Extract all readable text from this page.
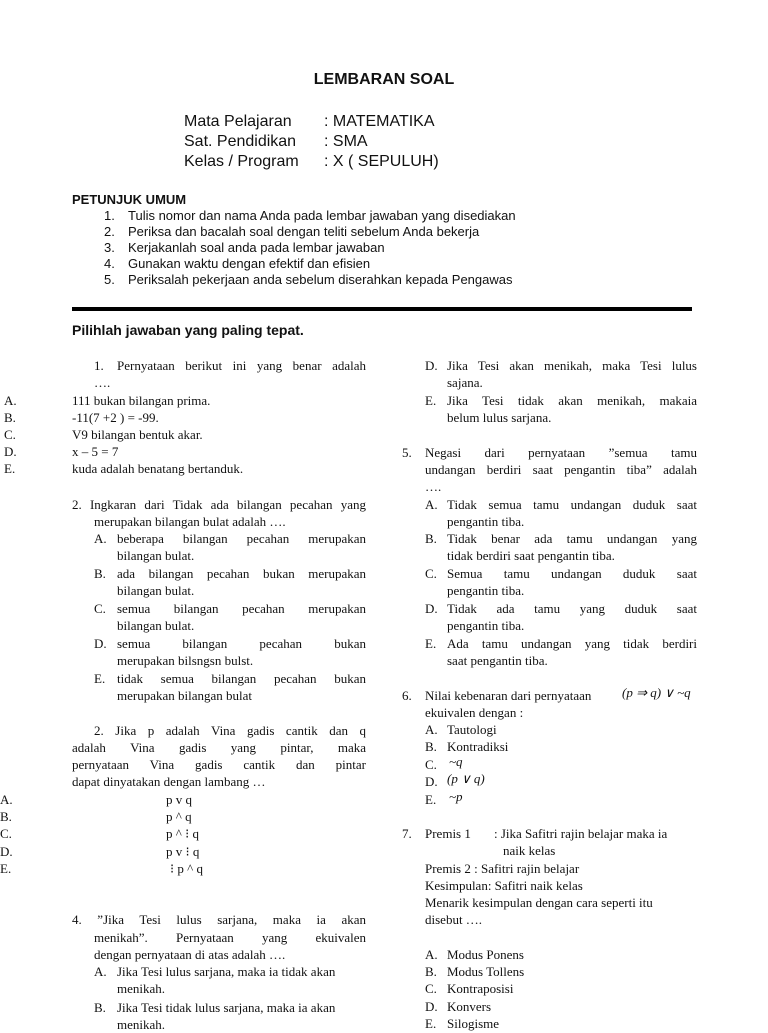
LEMBARAN SOAL
Mata Pelajaran	: MATEMATIKA
Sat. Pendidikan	: SMA
Kelas / Program	: X ( SEPULUH)
PETUNJUK UMUM
1.	Tulis nomor dan nama Anda pada lembar jawaban yang disediakan
2.	Periksa dan bacalah soal dengan teliti sebelum Anda bekerja
3.	Kerjakanlah soal anda pada lembar jawaban
4.	Gunakan waktu dengan efektif dan efisien
5.	Periksalah pekerjaan anda sebelum diserahkan kepada Pengawas
Pilihlah jawaban yang paling tepat.
1. Pernyataan berikut ini yang benar adalah
….
A.	111 bukan bilangan prima.
B.	-11(7 +2 ) = -99.
C.	V9 bilangan bentuk akar.
D.	x – 5 = 7
E.	kuda adalah benatang bertanduk.
2. Ingkaran dari Tidak ada bilangan pecahan yang
merupakan bilangan bulat adalah ….
A. beberapa bilangan pecahan merupakan
bilangan bulat.
B. ada bilangan pecahan bukan merupakan
bilangan bulat.
C. semua bilangan pecahan merupakan
bilangan bulat.
D. semua bilangan pecahan bukan
merupakan bilsngsn bulst.
E. tidak semua bilangan pecahan bukan
merupakan bilangan bulat
2. Jika p adalah Vina gadis cantik dan q
adalah Vina gadis yang pintar, maka
pernyataan Vina gadis cantik dan pintar
dapat dinyatakan dengan lambang …
A.	p v q
B.	p ^ q
C.	p ^ ⁝ q
D.	p v ⁝ q
E.	⁝ p ^ q
4. ”Jika Tesi lulus sarjana, maka ia akan
menikah”. Pernyataan yang ekuivalen
dengan pernyataan di atas adalah ….
A. Jika Tesi lulus sarjana, maka ia tidak akan
menikah.
B. Jika Tesi tidak lulus sarjana, maka ia akan
menikah.
D. Jika Tesi akan menikah, maka Tesi lulus
sajana.
E. Jika Tesi tidak akan menikah, makaia
belum lulus sarjana.
5. Negasi dari pernyataan ”semua tamu
undangan berdiri saat pengantin tiba” adalah
….
A. Tidak semua tamu undangan duduk saat
pengantin tiba.
B. Tidak benar ada tamu undangan yang
tidak berdiri saat pengantin tiba.
C. Semua tamu undangan duduk saat
pengantin tiba.
D. Tidak ada tamu yang duduk saat
pengantin tiba.
E. Ada tamu undangan yang tidak berdiri
saat pengantin tiba.
6. Nilai kebenaran dari pernyataan (p ⇒ q) ∨ ~q
ekuivalen dengan :
A. Tautologi
B. Kontradiksi
C. ~q
D. (p ∨ q)
E. ~p
7. Premis 1 : Jika Safitri rajin belajar maka ia
naik kelas
Premis 2 : Safitri rajin belajar
Kesimpulan: Safitri naik kelas
Menarik kesimpulan dengan cara seperti itu
disebut ….
A. Modus Ponens
B. Modus Tollens
C. Kontraposisi
D. Konvers
E. Silogisme
